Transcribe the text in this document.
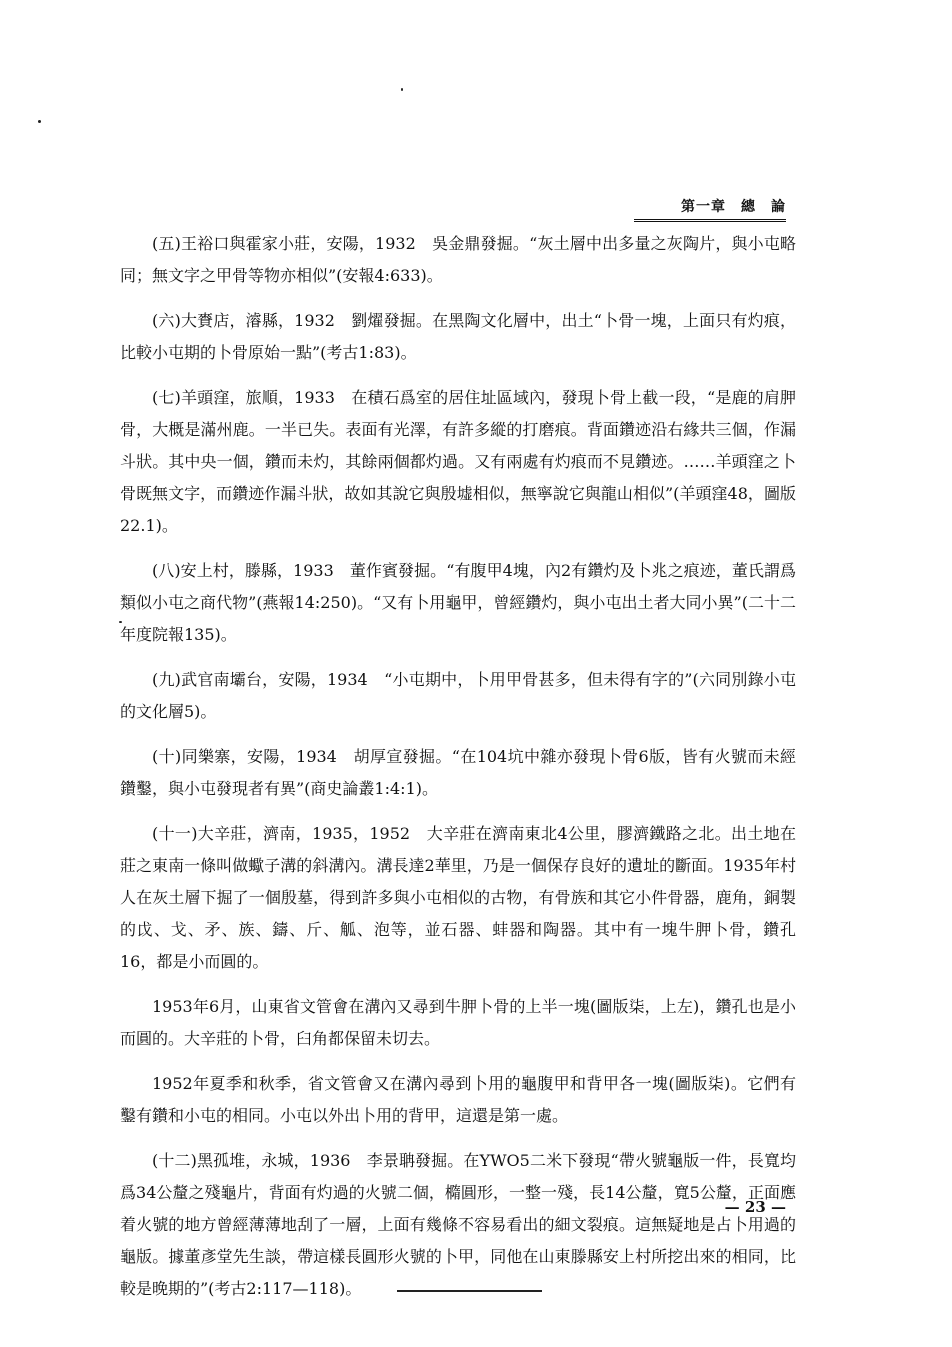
第一章　總　論

(五)王裕口與霍家小莊，安陽，1932　吳金鼎發掘。“灰土層中出多量之灰陶片，與小屯略同；無文字之甲骨等物亦相似”(安報4:633)。

(六)大賚店，濬縣，1932　劉燿發掘。在黑陶文化層中，出土“卜骨一塊，上面只有灼痕，比較小屯期的卜骨原始一點”(考古1:83)。

(七)羊頭窪，旅順，1933　在積石爲室的居住址區域內，發現卜骨上截一段，“是鹿的肩胛骨，大概是滿州鹿。一半已失。表面有光澤，有許多縱的打磨痕。背面鑽迹沿右緣共三個，作漏斗狀。其中央一個，鑽而未灼，其餘兩個都灼過。又有兩處有灼痕而不見鑽迹。……羊頭窪之卜骨既無文字，而鑽迹作漏斗狀，故如其說它與殷墟相似，無寧說它與龍山相似”(羊頭窪48，圖版22.1)。

(八)安上村，滕縣，1933　董作賓發掘。“有腹甲4塊，內2有鑽灼及卜兆之痕迹，董氏謂爲類似小屯之商代物”(燕報14:250)。“又有卜用龜甲，曾經鑽灼，與小屯出土者大同小異”(二十二年度院報135)。

(九)武官南壩台，安陽，1934　“小屯期中，卜用甲骨甚多，但未得有字的”(六同別錄小屯的文化層5)。

(十)同樂寨，安陽，1934　胡厚宣發掘。“在104坑中雜亦發現卜骨6版，皆有火號而未經鑽鑿，與小屯發現者有異”(商史論叢1:4:1)。

(十一)大辛莊，濟南，1935，1952　大辛莊在濟南東北4公里，膠濟鐵路之北。出土地在莊之東南一條叫做蠍子溝的斜溝內。溝長達2華里，乃是一個保存良好的遺址的斷面。1935年村人在灰土層下掘了一個殷墓，得到許多與小屯相似的古物，有骨族和其它小件骨器，鹿角，銅製的戉、戈、矛、族、鑄、斤、觚、泡等，並石器、蚌器和陶器。其中有一塊牛胛卜骨，鑽孔16，都是小而圓的。

1953年6月，山東省文管會在溝內又尋到牛胛卜骨的上半一塊(圖版柒，上左)，鑽孔也是小而圓的。大辛莊的卜骨，臼角都保留未切去。

1952年夏季和秋季，省文管會又在溝內尋到卜用的龜腹甲和背甲各一塊(圖版柒)。它們有鑿有鑽和小屯的相同。小屯以外出卜用的背甲，這還是第一處。

(十二)黑孤堆，永城，1936　李景聃發掘。在YWO5二米下發現“帶火號龜版一件，長寬均爲34公釐之殘龜片，背面有灼過的火號二個，橢圓形，一整一殘，長14公釐，寬5公釐，正面應着火號的地方曾經薄薄地刮了一層，上面有幾條不容易看出的細文裂痕。這無疑地是占卜用過的龜版。據董彥堂先生談，帶這樣長圓形火號的卜甲，同他在山東滕縣安上村所挖出來的相同，比較是晚期的”(考古2:117—118)。

— 23 —
